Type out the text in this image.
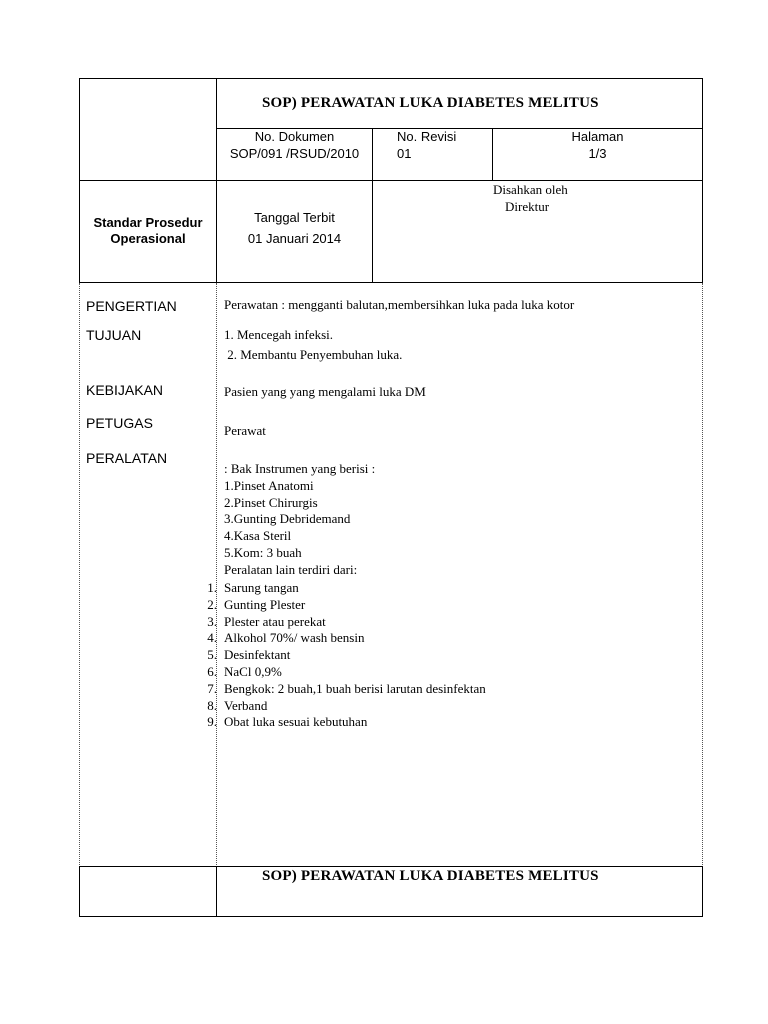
SOP) PERAWATAN LUKA DIABETES MELITUS
No. Dokumen
SOP/091 /RSUD/2010
No. Revisi
01
Halaman
1/3
Standar Prosedur
Operasional
Tanggal Terbit
01 Januari 2014
Disahkan oleh
Direktur
PENGERTIAN
TUJUAN
KEBIJAKAN
PETUGAS
PERALATAN
Perawatan : mengganti balutan,membersihkan luka pada luka kotor
1. Mencegah infeksi.
2. Membantu Penyembuhan luka.
Pasien yang yang mengalami luka DM
Perawat
: Bak Instrumen yang berisi :
1.Pinset Anatomi
2.Pinset Chirurgis
3.Gunting Debridemand
4.Kasa Steril
5.Kom: 3 buah
Peralatan lain terdiri dari:
1. Sarung tangan
2. Gunting Plester
3. Plester atau perekat
4. Alkohol 70%/ wash bensin
5. Desinfektant
6. NaCl 0,9%
7. Bengkok: 2 buah,1 buah berisi larutan desinfektan
8. Verband
9. Obat luka sesuai kebutuhan
SOP) PERAWATAN LUKA DIABETES MELITUS
